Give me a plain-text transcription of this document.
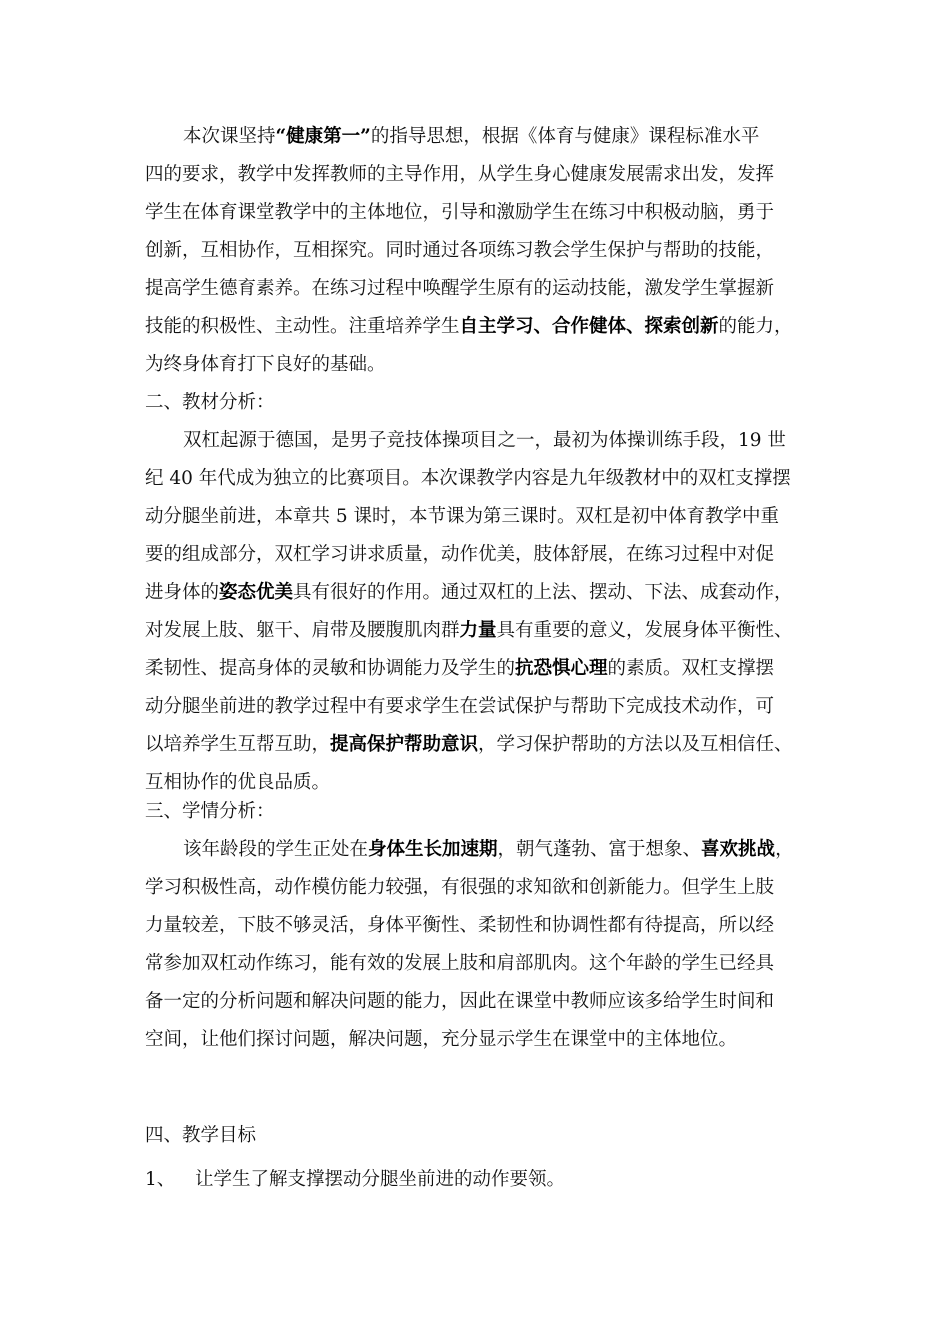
本次课坚持“健康第一”的指导思想，根据《体育与健康》课程标准水平
四的要求，教学中发挥教师的主导作用，从学生身心健康发展需求出发，发挥
学生在体育课堂教学中的主体地位，引导和激励学生在练习中积极动脑，勇于
创新，互相协作，互相探究。同时通过各项练习教会学生保护与帮助的技能，
提高学生德育素养。在练习过程中唤醒学生原有的运动技能，激发学生掌握新
技能的积极性、主动性。注重培养学生自主学习、合作健体、探索创新的能力，
为终身体育打下良好的基础。
二、教材分析：
双杠起源于德国，是男子竞技体操项目之一，最初为体操训练手段，19 世
纪 40 年代成为独立的比赛项目。本次课教学内容是九年级教材中的双杠支撑摆
动分腿坐前进，本章共 5 课时，本节课为第三课时。双杠是初中体育教学中重
要的组成部分，双杠学习讲求质量，动作优美，肢体舒展，在练习过程中对促
进身体的姿态优美具有很好的作用。通过双杠的上法、摆动、下法、成套动作，
对发展上肢、躯干、肩带及腰腹肌肉群力量具有重要的意义，发展身体平衡性、
柔韧性、提高身体的灵敏和协调能力及学生的抗恐惧心理的素质。双杠支撑摆
动分腿坐前进的教学过程中有要求学生在尝试保护与帮助下完成技术动作，可
以培养学生互帮互助，提高保护帮助意识，学习保护帮助的方法以及互相信任、
互相协作的优良品质。
三、学情分析：
该年龄段的学生正处在身体生长加速期，朝气蓬勃、富于想象、喜欢挑战，
学习积极性高，动作模仿能力较强，有很强的求知欲和创新能力。但学生上肢
力量较差，下肢不够灵活，身体平衡性、柔韧性和协调性都有待提高，所以经
常参加双杠动作练习，能有效的发展上肢和肩部肌肉。这个年龄的学生已经具
备一定的分析问题和解决问题的能力，因此在课堂中教师应该多给学生时间和
空间，让他们探讨问题，解决问题，充分显示学生在课堂中的主体地位。
四、教学目标
1、 让学生了解支撑摆动分腿坐前进的动作要领。
